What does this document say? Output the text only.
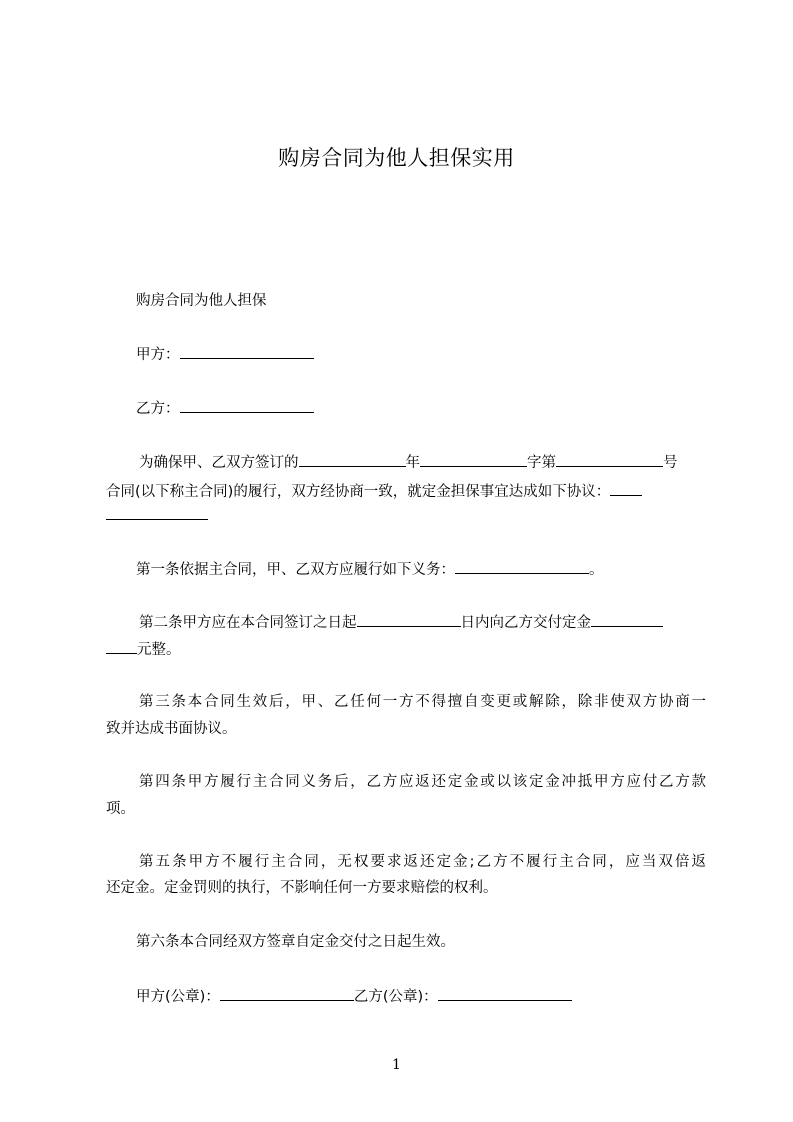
购房合同为他人担保实用
购房合同为他人担保
甲方：
乙方：
为确保甲、乙双方签订的	年	字第	号
合同(以下称主合同)的履行，双方经协商一致，就定金担保事宜达成如下协议：
第一条依据主合同，甲、乙双方应履行如下义务：	。
第二条甲方应在本合同签订之日起	日内向乙方交付定金
元整。
第三条本合同生效后，甲、乙任何一方不得擅自变更或解除，除非使双方协商一
致并达成书面协议。
第四条甲方履行主合同义务后，乙方应返还定金或以该定金冲抵甲方应付乙方款
项。
第五条甲方不履行主合同，无权要求返还定金;乙方不履行主合同，应当双倍返
还定金。定金罚则的执行，不影响任何一方要求赔偿的权利。
第六条本合同经双方签章自定金交付之日起生效。
甲方(公章)：	乙方(公章)：
1
